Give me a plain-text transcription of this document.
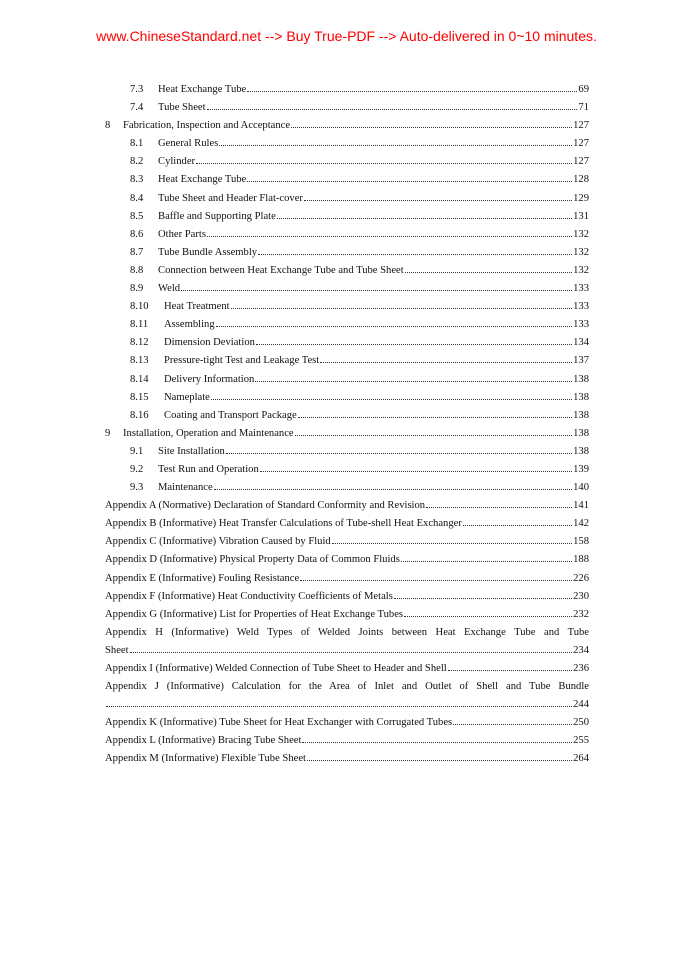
www.ChineseStandard.net --> Buy True-PDF --> Auto-delivered in 0~10 minutes.
7.3	Heat Exchange Tube	69
7.4	Tube Sheet	71
8	Fabrication, Inspection and Acceptance	127
8.1	General Rules	127
8.2	Cylinder	127
8.3	Heat Exchange Tube	128
8.4	Tube Sheet and Header Flat-cover	129
8.5	Baffle and Supporting Plate	131
8.6	Other Parts	132
8.7	Tube Bundle Assembly	132
8.8	Connection between Heat Exchange Tube and Tube Sheet	132
8.9	Weld	133
8.10	Heat Treatment	133
8.11	Assembling	133
8.12	Dimension Deviation	134
8.13	Pressure-tight Test and Leakage Test	137
8.14	Delivery Information	138
8.15	Nameplate	138
8.16	Coating and Transport Package	138
9	Installation, Operation and Maintenance	138
9.1	Site Installation	138
9.2	Test Run and Operation	139
9.3	Maintenance	140
Appendix A (Normative) Declaration of Standard Conformity and Revision	141
Appendix B (Informative) Heat Transfer Calculations of Tube-shell Heat Exchanger	142
Appendix C (Informative) Vibration Caused by Fluid	158
Appendix D (Informative) Physical Property Data of Common Fluids	188
Appendix E (Informative) Fouling Resistance	226
Appendix F (Informative) Heat Conductivity Coefficients of Metals	230
Appendix G (Informative) List for Properties of Heat Exchange Tubes	232
Appendix H (Informative) Weld Types of Welded Joints between Heat Exchange Tube and Tube
Sheet	234
Appendix I (Informative) Welded Connection of Tube Sheet to Header and Shell	236
Appendix J (Informative) Calculation for the Area of Inlet and Outlet of Shell and Tube Bundle
244
Appendix K (Informative) Tube Sheet for Heat Exchanger with Corrugated Tubes	250
Appendix L (Informative) Bracing Tube Sheet	255
Appendix M (Informative) Flexible Tube Sheet	264
